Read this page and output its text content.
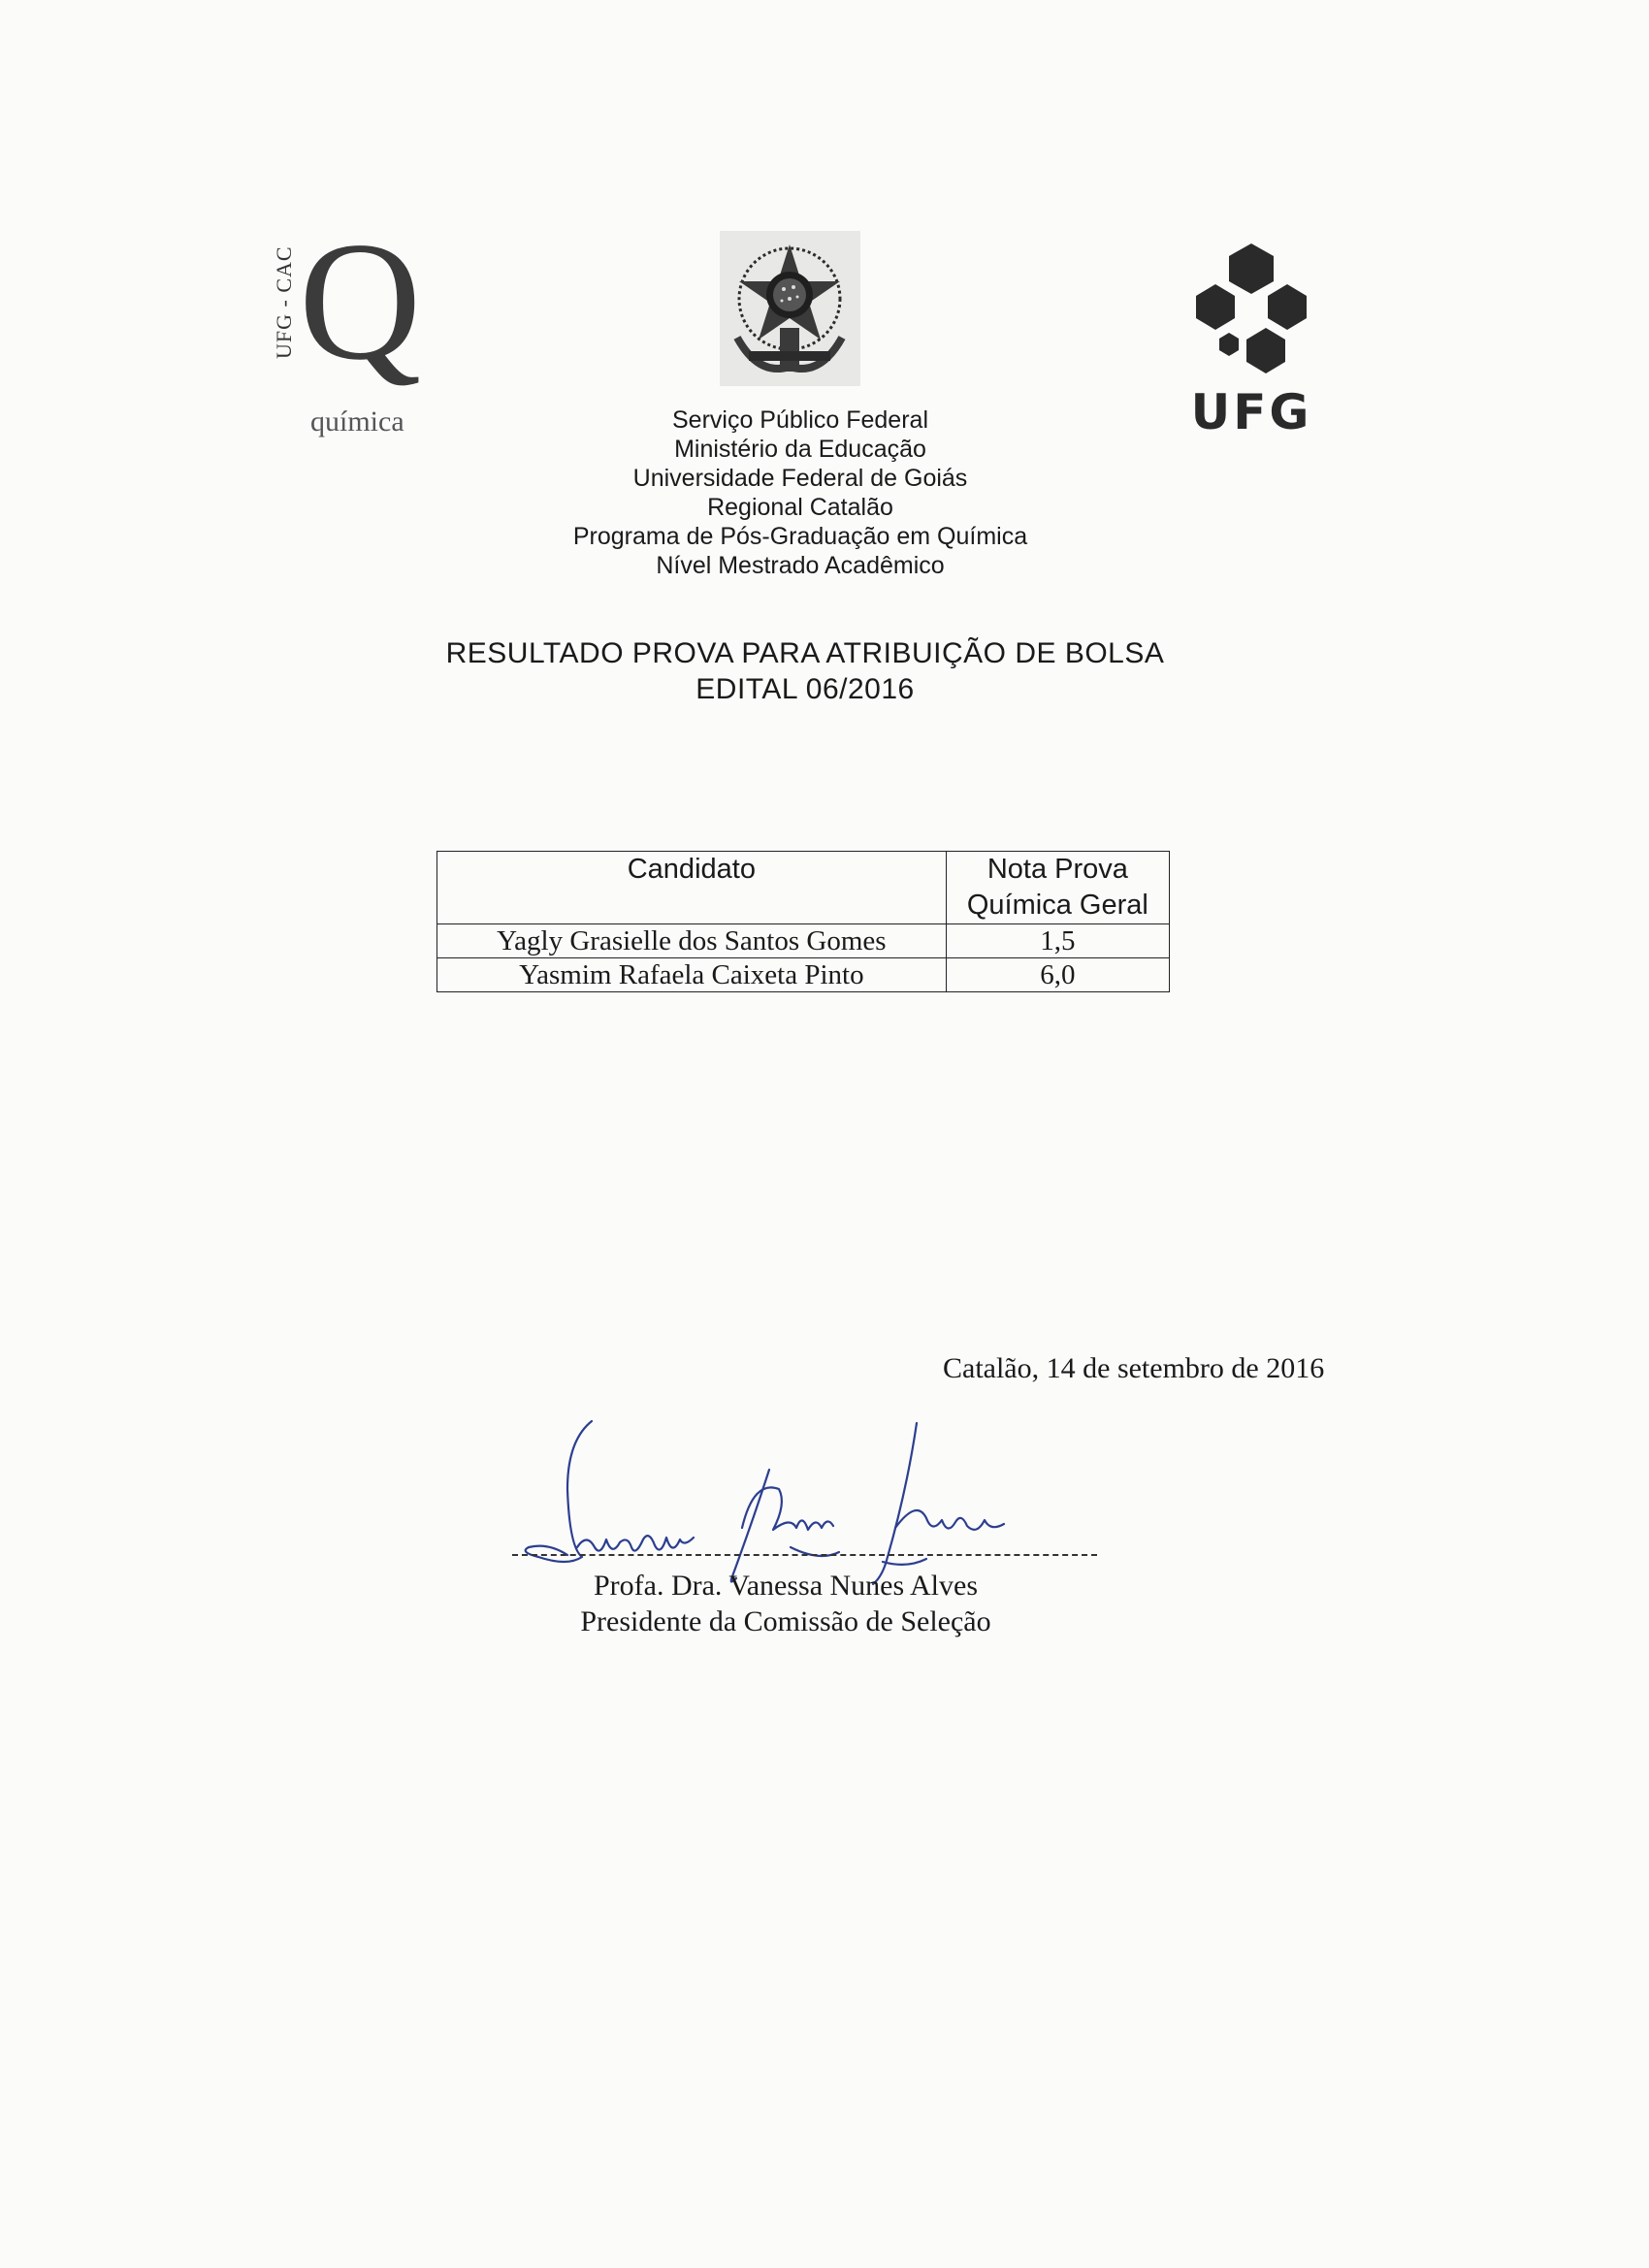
UFG - CAC Q
química	UFG
Serviço Público Federal
Ministério da Educação
Universidade Federal de Goiás
Regional Catalão
Programa de Pós-Graduação em Química
Nível Mestrado Acadêmico
RESULTADO PROVA PARA ATRIBUIÇÃO DE BOLSA
EDITAL 06/2016
Candidato	Nota Prova
Química Geral

Yagly Grasielle dos Santos Gomes	1,5
Yasmim Rafaela Caixeta Pinto	6,0
Catalão, 14 de setembro de 2016
Profa. Dra. Vanessa Nunes Alves
Presidente da Comissão de Seleção
